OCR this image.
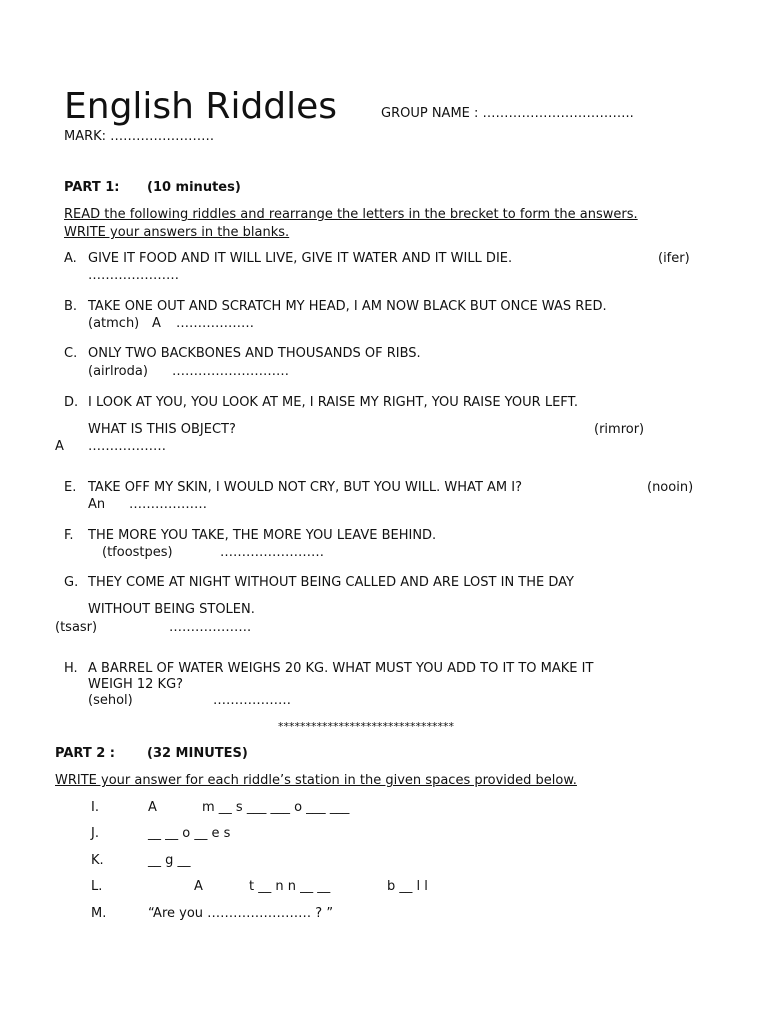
English Riddles	GROUP NAME : ……………………………..
MARK: ……………………
PART 1: (10 minutes)
READ the following riddles and rearrange the letters in the brecket to form the answers.
WRITE your answers in the blanks.
A. GIVE IT FOOD AND IT WILL LIVE, GIVE IT WATER AND IT WILL DIE.	(ifer)
…………………
B. TAKE ONE OUT AND SCRATCH MY HEAD, I AM NOW BLACK BUT ONCE WAS RED.
(atmch) A ………………
C. ONLY TWO BACKBONES AND THOUSANDS OF RIBS.
(airlroda) ………………………
D. I LOOK AT YOU, YOU LOOK AT ME, I RAISE MY RIGHT, YOU RAISE YOUR LEFT.
WHAT IS THIS OBJECT?	(rimror)
A ………………
E. TAKE OFF MY SKIN, I WOULD NOT CRY, BUT YOU WILL. WHAT AM I?	(nooin)
An ………………
F. THE MORE YOU TAKE, THE MORE YOU LEAVE BEHIND.
(tfoostpes)	……………………
G. THEY COME AT NIGHT WITHOUT BEING CALLED AND ARE LOST IN THE DAY
WITHOUT BEING STOLEN.
(tsasr)	……………….
H. A BARREL OF WATER WEIGHS 20 KG. WHAT MUST YOU ADD TO IT TO MAKE IT
WEIGH 12 KG?
(sehol)	………………
********************************
PART 2 : (32 MINUTES)
WRITE your answer for each riddle’s station in the given spaces provided below.
I.	A	m __ s ___ ___ o ___ ___
J.	__ __ o __ e s
K.	__ g __
L.	A	t __ n n __ __	b __ l l
M.	“Are you …………………… ? ”
